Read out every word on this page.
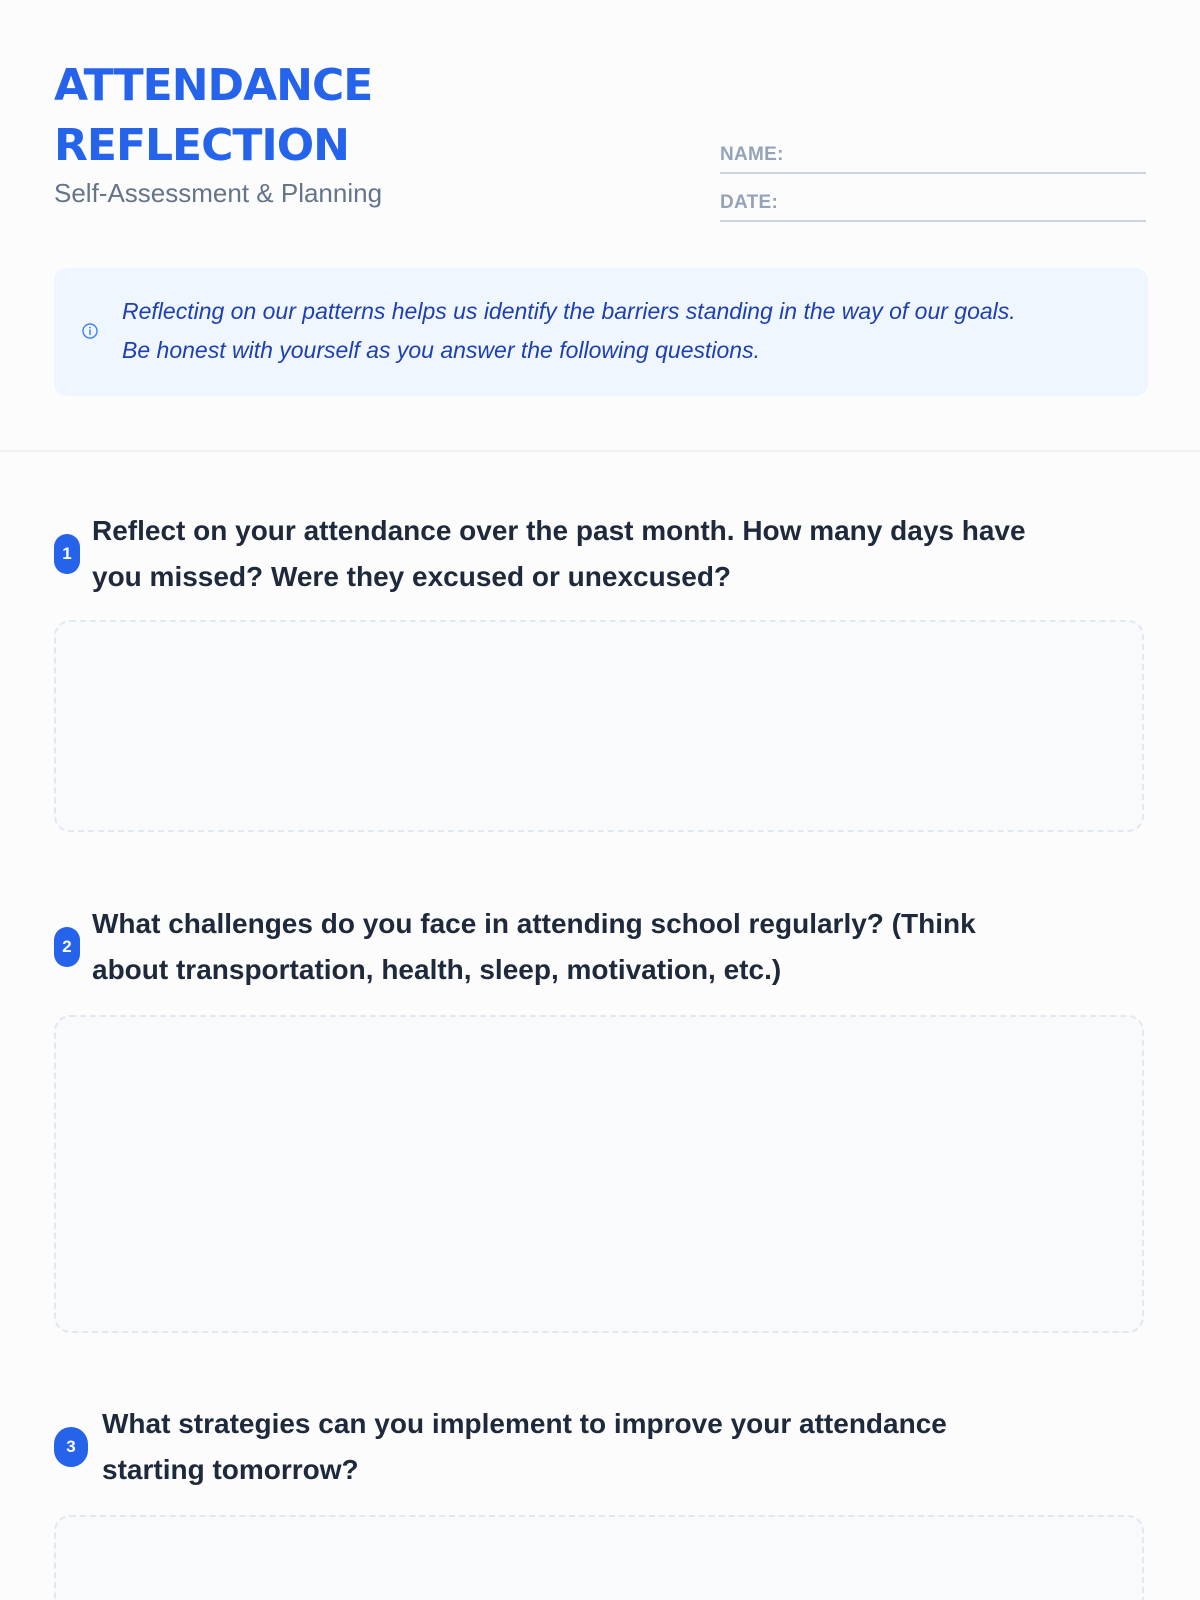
ATTENDANCE
REFLECTION
Self-Assessment & Planning
NAME:
DATE:

Reflecting on our patterns helps us identify the barriers standing in the way of our goals.
Be honest with yourself as you answer the following questions.

1

Reflect on your attendance over the past month. How many days have
you missed? Were they excused or unexcused?

2

What challenges do you face in attending school regularly? (Think
about transportation, health, sleep, motivation, etc.)

3

What strategies can you implement to improve your attendance
starting tomorrow?
